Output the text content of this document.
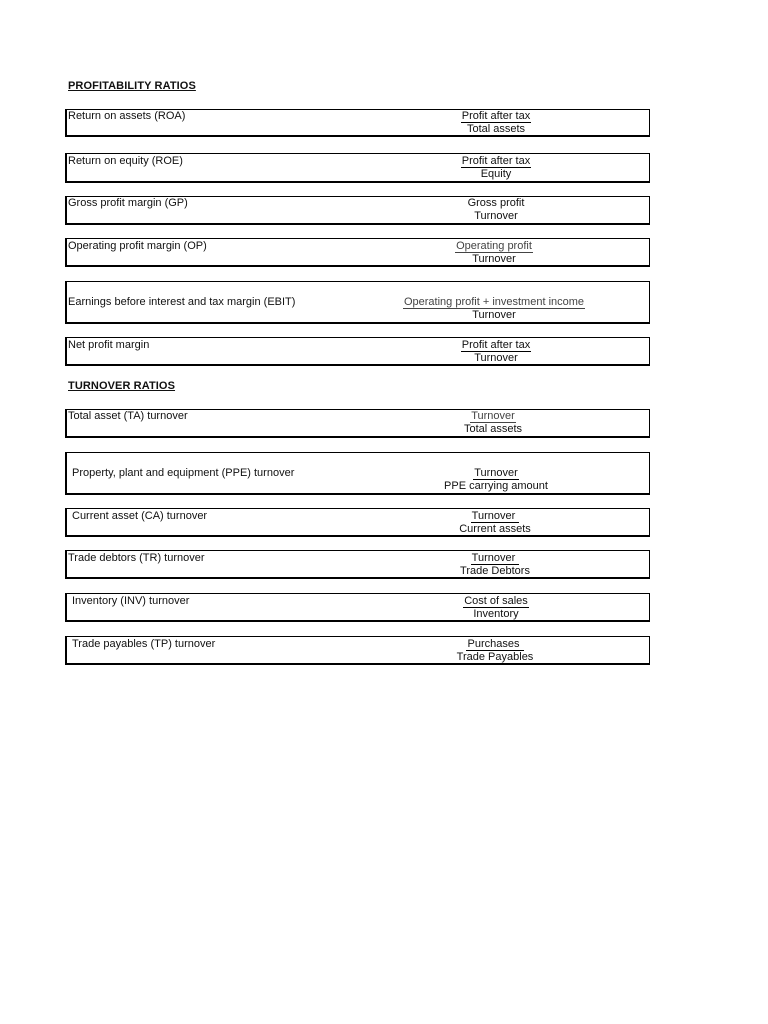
PROFITABILITY RATIOS
Return on assets (ROA)	Profit after tax
Total assets
Return on equity (ROE)	Profit after tax
Equity
Gross profit margin (GP)	Gross profit
Turnover
Operating profit margin (OP)	Operating profit
Turnover
Earnings before interest and tax margin (EBIT)	Operating profit + investment income
Turnover
Net profit margin	Profit after tax
Turnover
TURNOVER RATIOS
Total asset (TA) turnover	Turnover
Total assets
Property, plant and equipment (PPE) turnover	Turnover
PPE carrying amount
Current asset (CA) turnover	Turnover
Current assets
Trade debtors (TR) turnover	Turnover
Trade Debtors
Inventory (INV) turnover	Cost of sales
Inventory
Trade payables (TP) turnover	Purchases
Trade Payables
